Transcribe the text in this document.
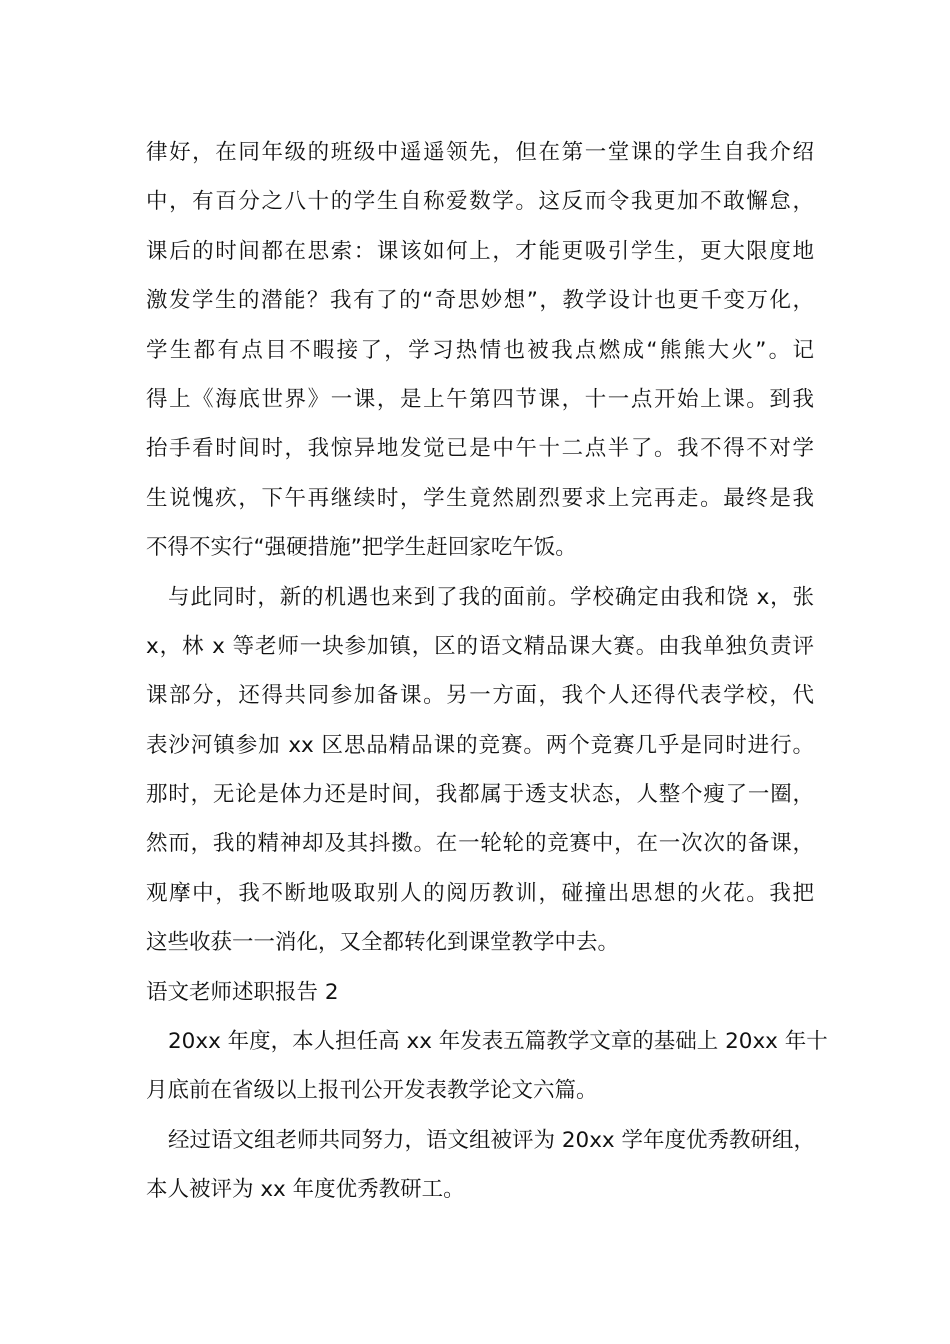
律好，在同年级的班级中遥遥领先，但在第一堂课的学生自我介绍
中，有百分之八十的学生自称爱数学。这反而令我更加不敢懈怠，
课后的时间都在思索：课该如何上，才能更吸引学生，更大限度地
激发学生的潜能？我有了的“奇思妙想”，教学设计也更千变万化，
学生都有点目不暇接了，学习热情也被我点燃成“熊熊大火”。记
得上《海底世界》一课，是上午第四节课，十一点开始上课。到我
抬手看时间时，我惊异地发觉已是中午十二点半了。我不得不对学
生说愧疚，下午再继续时，学生竟然剧烈要求上完再走。最终是我
不得不实行“强硬措施”把学生赶回家吃午饭。
与此同时，新的机遇也来到了我的面前。学校确定由我和饶 x，张
x，林 x 等老师一块参加镇，区的语文精品课大赛。由我单独负责评
课部分，还得共同参加备课。另一方面，我个人还得代表学校，代
表沙河镇参加 xx 区思品精品课的竞赛。两个竞赛几乎是同时进行。
那时，无论是体力还是时间，我都属于透支状态，人整个瘦了一圈，
然而，我的精神却及其抖擞。在一轮轮的竞赛中，在一次次的备课，
观摩中，我不断地吸取别人的阅历教训，碰撞出思想的火花。我把
这些收获一一消化，又全都转化到课堂教学中去。
语文老师述职报告 2
20xx 年度，本人担任高 xx 年发表五篇教学文章的基础上 20xx 年十
月底前在省级以上报刊公开发表教学论文六篇。
经过语文组老师共同努力，语文组被评为 20xx 学年度优秀教研组，
本人被评为 xx 年度优秀教研工。
